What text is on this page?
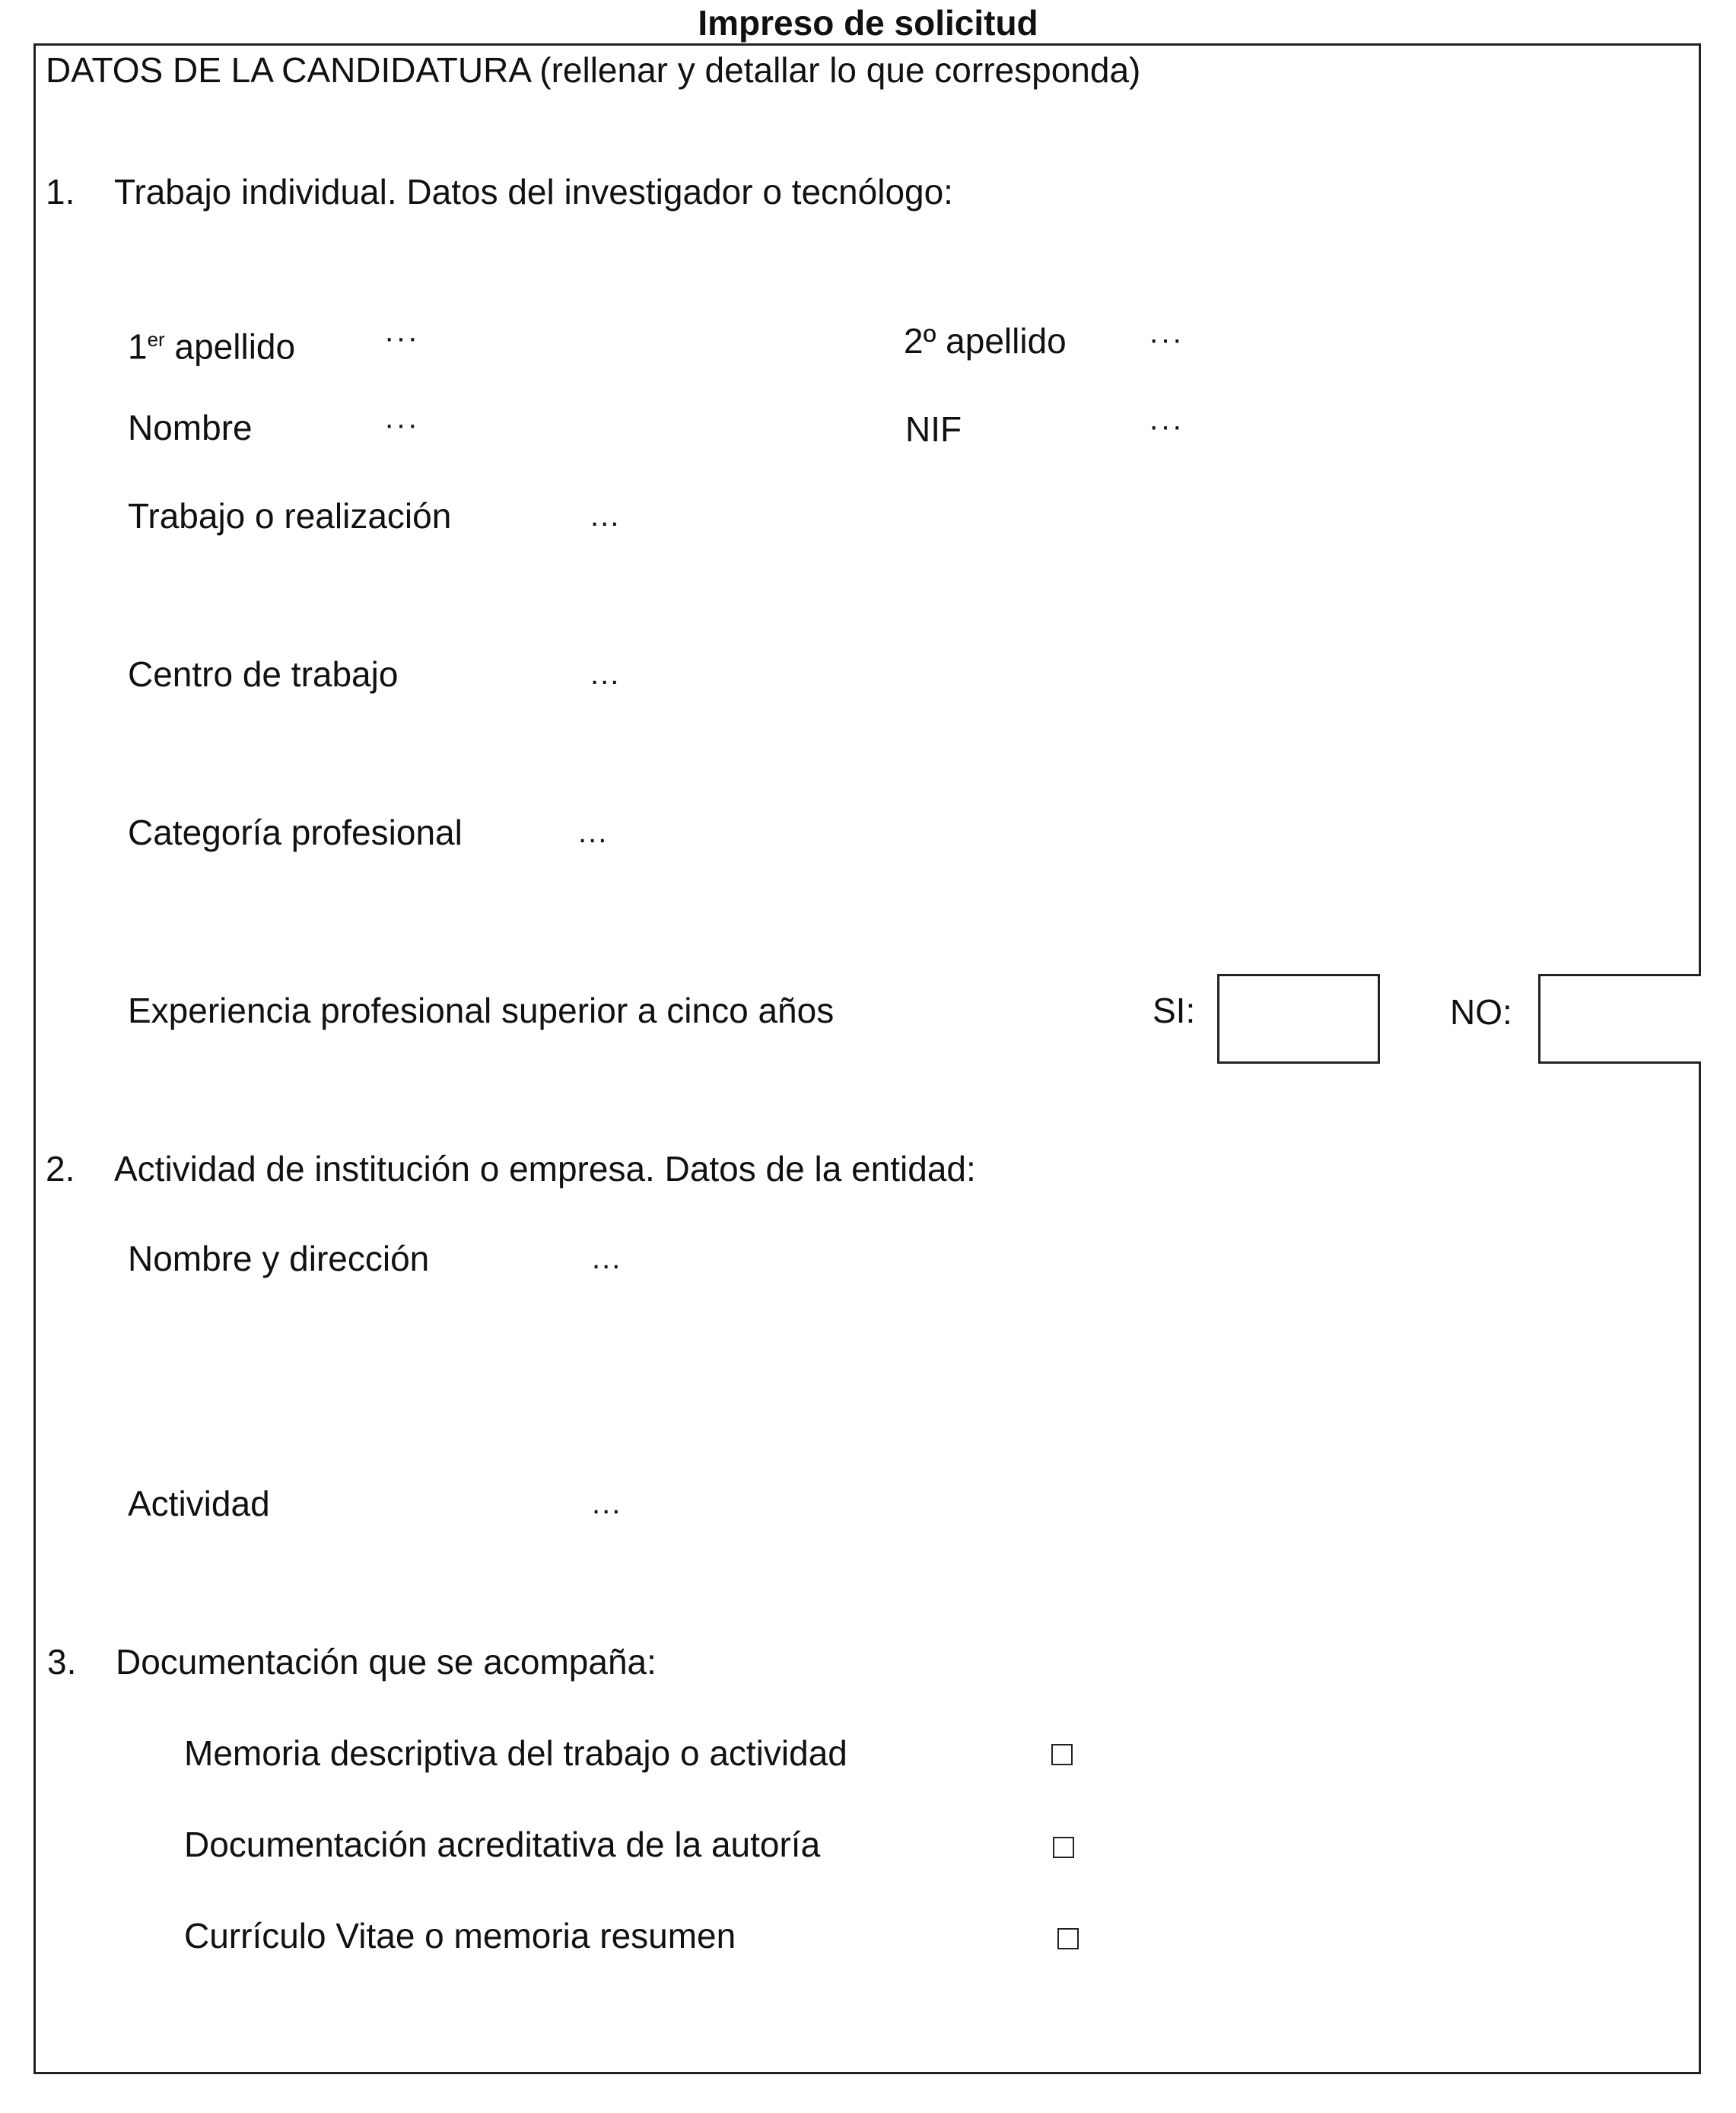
Impreso de solicitud
DATOS DE LA CANDIDATURA (rellenar y detallar lo que corresponda)
1. Trabajo individual. Datos del investigador o tecnólogo:
1er apellido	···	2º apellido	···
Nombre	···	NIF	···
Trabajo o realización	...
Centro de trabajo	...
Categoría profesional	...
Experiencia profesional superior a cinco años	SI:	NO:
2. Actividad de institución o empresa. Datos de la entidad:
Nombre y dirección	...
Actividad	...
3. Documentación que se acompaña:
Memoria descriptiva del trabajo o actividad
Documentación acreditativa de la autoría
Currículo Vitae o memoria resumen
